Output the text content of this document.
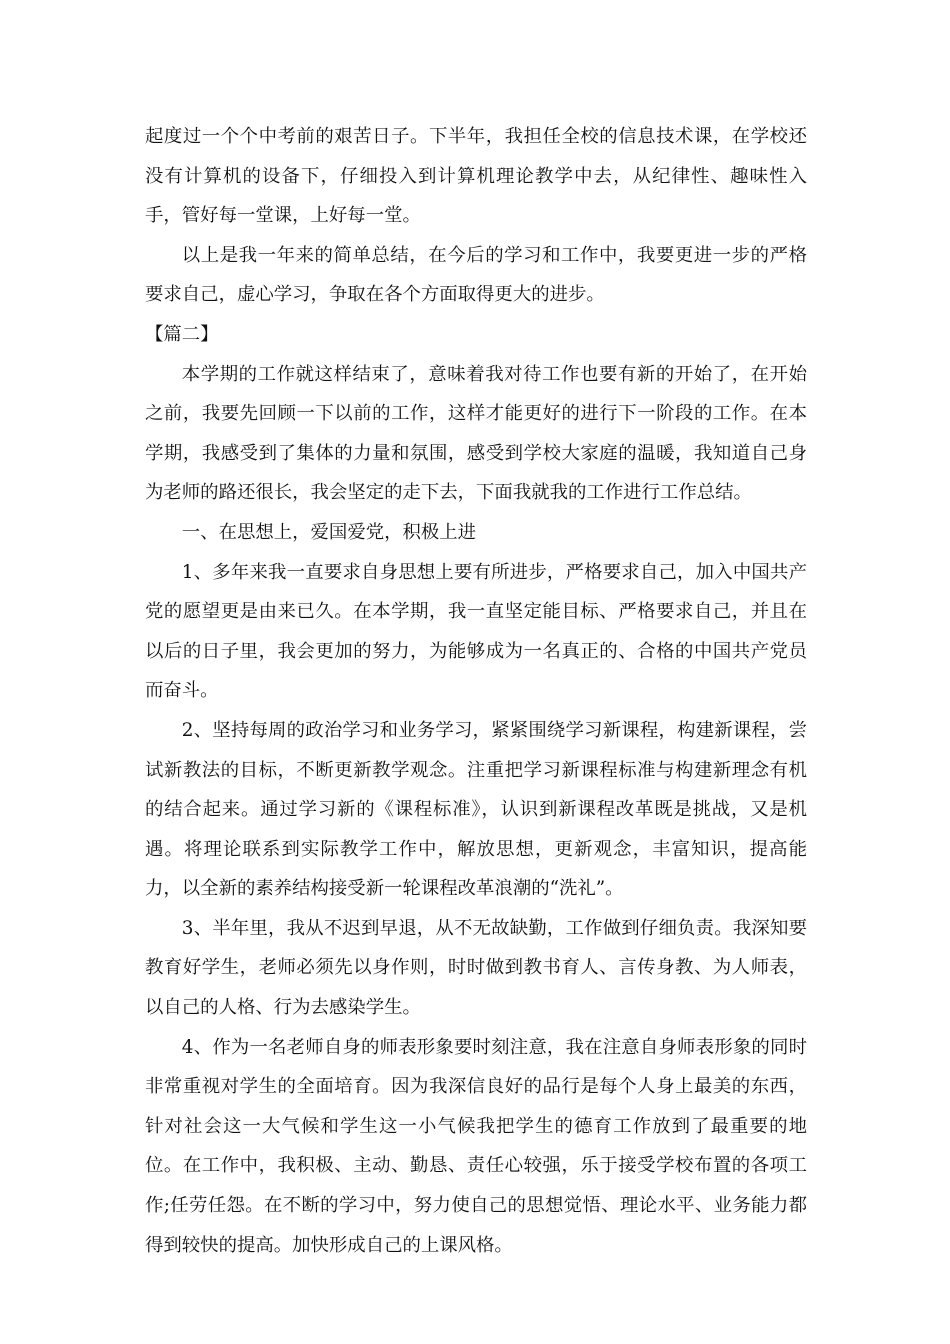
起度过一个个中考前的艰苦日子。下半年，我担任全校的信息技术课，在学校还没有计算机的设备下，仔细投入到计算机理论教学中去，从纪律性、趣味性入手，管好每一堂课，上好每一堂。

以上是我一年来的简单总结，在今后的学习和工作中，我要更进一步的严格要求自己，虚心学习，争取在各个方面取得更大的进步。

【篇二】

本学期的工作就这样结束了，意味着我对待工作也要有新的开始了，在开始之前，我要先回顾一下以前的工作，这样才能更好的进行下一阶段的工作。在本学期，我感受到了集体的力量和氛围，感受到学校大家庭的温暖，我知道自己身为老师的路还很长，我会坚定的走下去，下面我就我的工作进行工作总结。

一、在思想上，爱国爱党，积极上进

1、多年来我一直要求自身思想上要有所进步，严格要求自己，加入中国共产党的愿望更是由来已久。在本学期，我一直坚定能目标、严格要求自己，并且在以后的日子里，我会更加的努力，为能够成为一名真正的、合格的中国共产党员而奋斗。

2、坚持每周的政治学习和业务学习，紧紧围绕学习新课程，构建新课程，尝试新教法的目标，不断更新教学观念。注重把学习新课程标准与构建新理念有机的结合起来。通过学习新的《课程标准》，认识到新课程改革既是挑战，又是机遇。将理论联系到实际教学工作中，解放思想，更新观念，丰富知识，提高能力，以全新的素养结构接受新一轮课程改革浪潮的“洗礼”。

3、半年里，我从不迟到早退，从不无故缺勤，工作做到仔细负责。我深知要教育好学生，老师必须先以身作则，时时做到教书育人、言传身教、为人师表，以自己的人格、行为去感染学生。

4、作为一名老师自身的师表形象要时刻注意，我在注意自身师表形象的同时非常重视对学生的全面培育。因为我深信良好的品行是每个人身上最美的东西，针对社会这一大气候和学生这一小气候我把学生的德育工作放到了最重要的地位。在工作中，我积极、主动、勤恳、责任心较强，乐于接受学校布置的各项工作;任劳任怨。在不断的学习中，努力使自己的思想觉悟、理论水平、业务能力都得到较快的提高。加快形成自己的上课风格。
